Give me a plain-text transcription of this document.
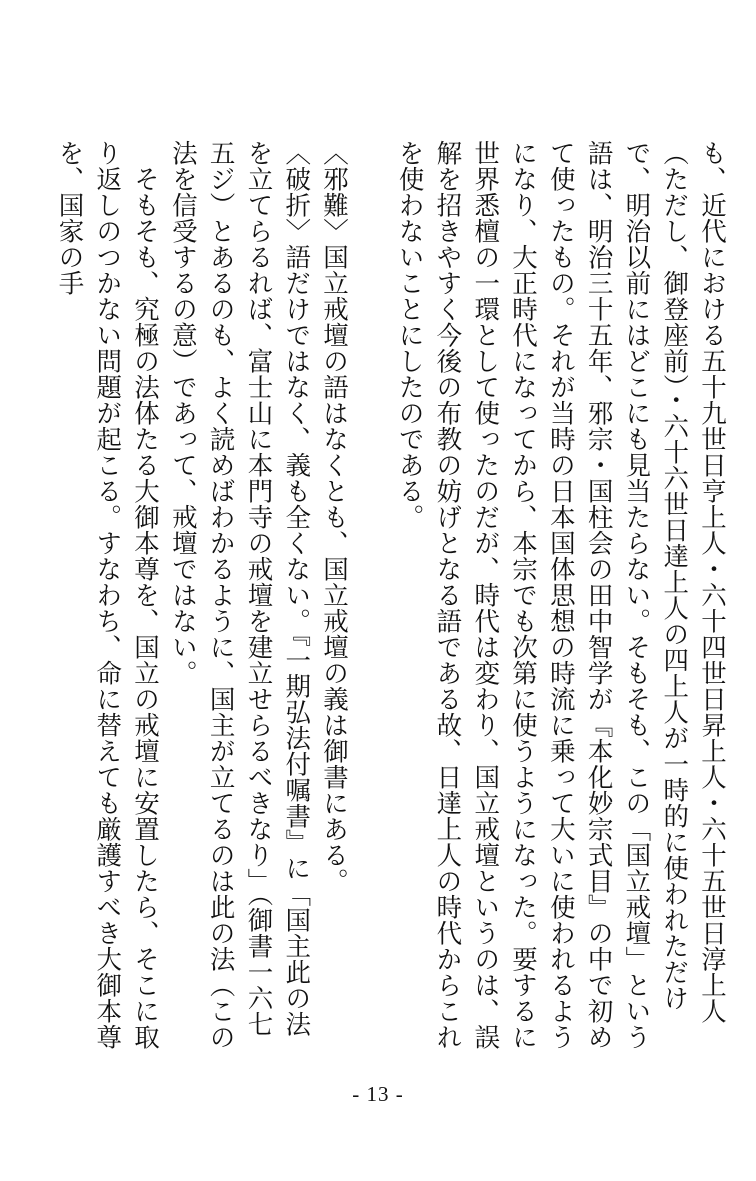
も、近代における五十九世日亨上人・六十四世日昇上人・六十五世日淳上人（ただし、御登座前）・六十六世日達上人の四上人が一時的に使われただけで、明治以前にはどこにも見当たらない。そもそも、この「国立戒壇」という語は、明治三十五年、邪宗・国柱会の田中智学が『本化妙宗式目』の中で初めて使ったもの。それが当時の日本国体思想の時流に乗って大いに使われるようになり、大正時代になってから、本宗でも次第に使うようになった。要するに世界悉檀の一環として使ったのだが、時代は変わり、国立戒壇というのは、誤解を招きやすく今後の布教の妨げとなる語である故、日達上人の時代からこれを使わないことにしたのである。

〈邪難〉国立戒壇の語はなくとも、国立戒壇の義は御書にある。

〈破折〉語だけではなく、義も全くない。『一期弘法付嘱書』に「国主此の法を立てらるれば、富士山に本門寺の戒壇を建立せらるべきなり」（御書一六七五ジ）とあるのも、よく読めばわかるように、国主が立てるのは此の法（この法を信受するの意）であって、戒壇ではない。

　そもそも、究極の法体たる大御本尊を、国立の戒壇に安置したら、そこに取り返しのつかない問題が起こる。すなわち、命に替えても厳護すべき大御本尊を、国家の手

- 13 -
